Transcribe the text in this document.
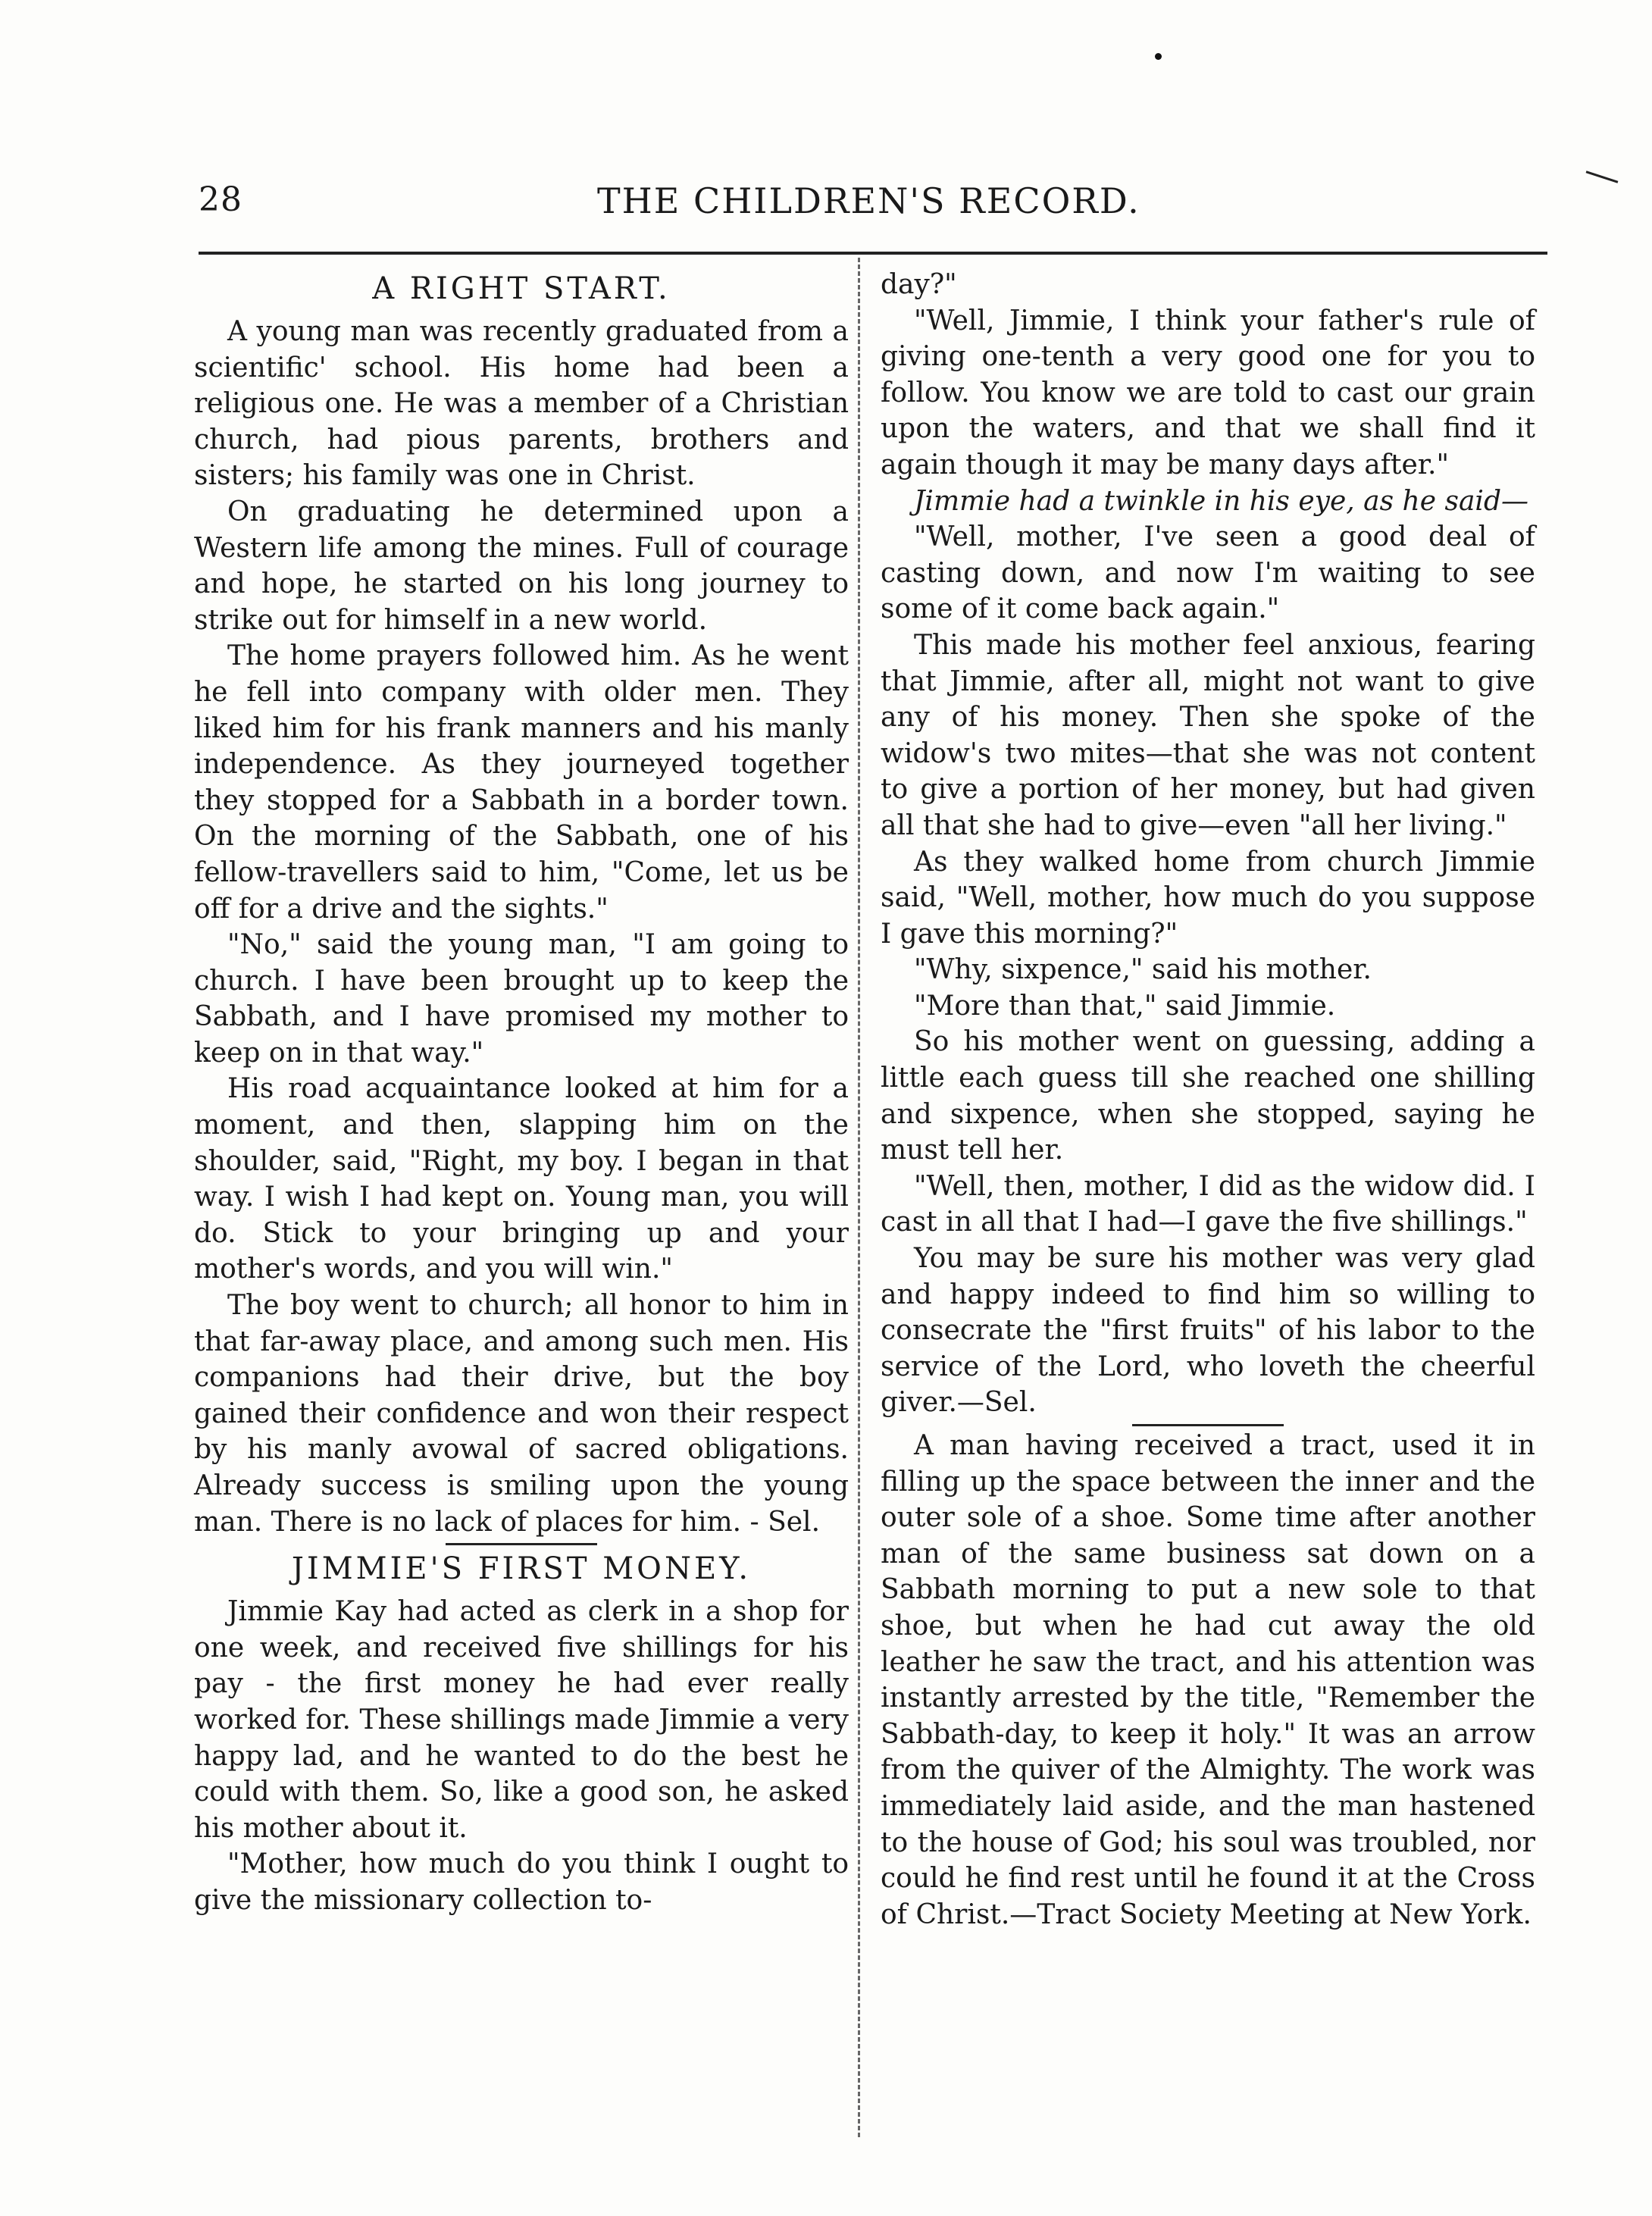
28	THE CHILDREN'S RECORD.
A RIGHT START.

A young man was recently graduated from a scientific' school. His home had been a religious one. He was a member of a Christian church, had pious parents, brothers and sisters; his family was one in Christ.

On graduating he determined upon a Western life among the mines. Full of courage and hope, he started on his long journey to strike out for himself in a new world.

The home prayers followed him. As he went he fell into company with older men. They liked him for his frank manners and his manly independence. As they journeyed together they stopped for a Sabbath in a border town. On the morning of the Sabbath, one of his fellow-travellers said to him, "Come, let us be off for a drive and the sights."

"No," said the young man, "I am going to church. I have been brought up to keep the Sabbath, and I have promised my mother to keep on in that way."

His road acquaintance looked at him for a moment, and then, slapping him on the shoulder, said, "Right, my boy. I began in that way. I wish I had kept on. Young man, you will do. Stick to your bringing up and your mother's words, and you will win."

The boy went to church; all honor to him in that far-away place, and among such men. His companions had their drive, but the boy gained their confidence and won their respect by his manly avowal of sacred obligations. Already success is smiling upon the young man. There is no lack of places for him. - Sel.

JIMMIE'S FIRST MONEY.

Jimmie Kay had acted as clerk in a shop for one week, and received five shillings for his pay - the first money he had ever really worked for. These shillings made Jimmie a very happy lad, and he wanted to do the best he could with them. So, like a good son, he asked his mother about it.

"Mother, how much do you think I ought to give the missionary collection to-

day?"

"Well, Jimmie, I think your father's rule of giving one-tenth a very good one for you to follow. You know we are told to cast our grain upon the waters, and that we shall find it again though it may be many days after."

Jimmie had a twinkle in his eye, as he said—

"Well, mother, I've seen a good deal of casting down, and now I'm waiting to see some of it come back again."

This made his mother feel anxious, fearing that Jimmie, after all, might not want to give any of his money. Then she spoke of the widow's two mites—that she was not content to give a portion of her money, but had given all that she had to give—even "all her living."

As they walked home from church Jimmie said, "Well, mother, how much do you suppose I gave this morning?"

"Why, sixpence," said his mother.

"More than that," said Jimmie.

So his mother went on guessing, adding a little each guess till she reached one shilling and sixpence, when she stopped, saying he must tell her.

"Well, then, mother, I did as the widow did. I cast in all that I had—I gave the five shillings."

You may be sure his mother was very glad and happy indeed to find him so willing to consecrate the "first fruits" of his labor to the service of the Lord, who loveth the cheerful giver.—Sel.

A man having received a tract, used it in filling up the space between the inner and the outer sole of a shoe. Some time after another man of the same business sat down on a Sabbath morning to put a new sole to that shoe, but when he had cut away the old leather he saw the tract, and his attention was instantly arrested by the title, "Remember the Sabbath-day, to keep it holy." It was an arrow from the quiver of the Almighty. The work was immediately laid aside, and the man hastened to the house of God; his soul was troubled, nor could he find rest until he found it at the Cross of Christ.—Tract Society Meeting at New York.
